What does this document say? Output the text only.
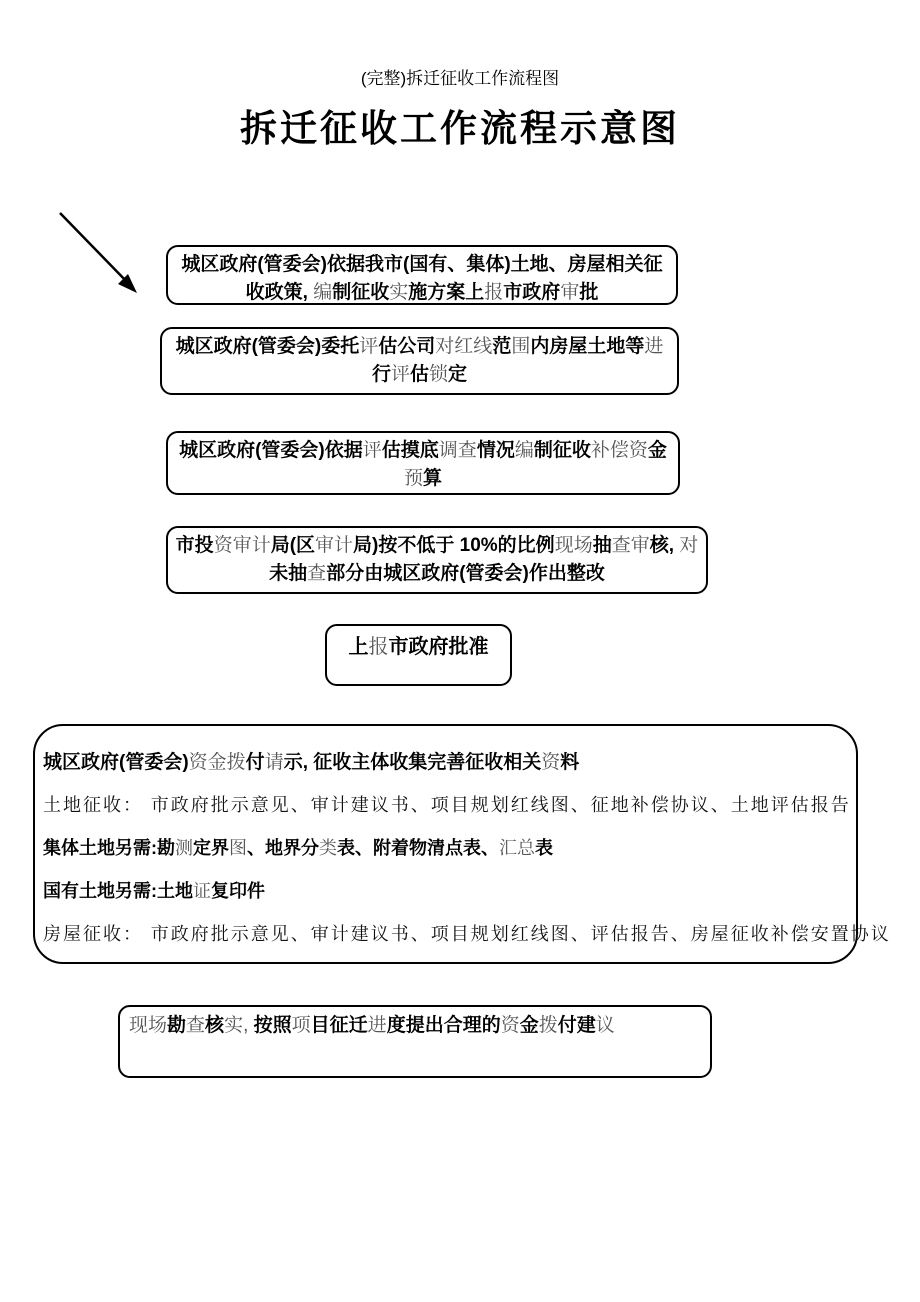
(完整)拆迁征收工作流程图
拆迁征收工作流程示意图
城区政府(管委会)依据我市(国有、集体)土地、房屋相关征收政策, 编制征收实施方案上报市政府审批
城区政府(管委会)委托评估公司对红线范围内房屋土地等进行评估锁定
城区政府(管委会)依据评估摸底调查情况编制征收补偿资金预算
市投资审计局(区审计局)按不低于 10%的比例现场抽查审核, 对未抽查部分由城区政府(管委会)作出整改
上报市政府批准
城区政府(管委会)资金拨付请示, 征收主体收集完善征收相关资料
土地征收： 市政府批示意见、审计建议书、项目规划红线图、征地补偿协议、土地评估报告
集体土地另需:勘测定界图、地界分类表、附着物清点表、汇总表
国有土地另需:土地证复印件
房屋征收： 市政府批示意见、审计建议书、项目规划红线图、评估报告、房屋征收补偿安置协议
现场勘查核实, 按照项目征迁进度提出合理的资金拨付建议
